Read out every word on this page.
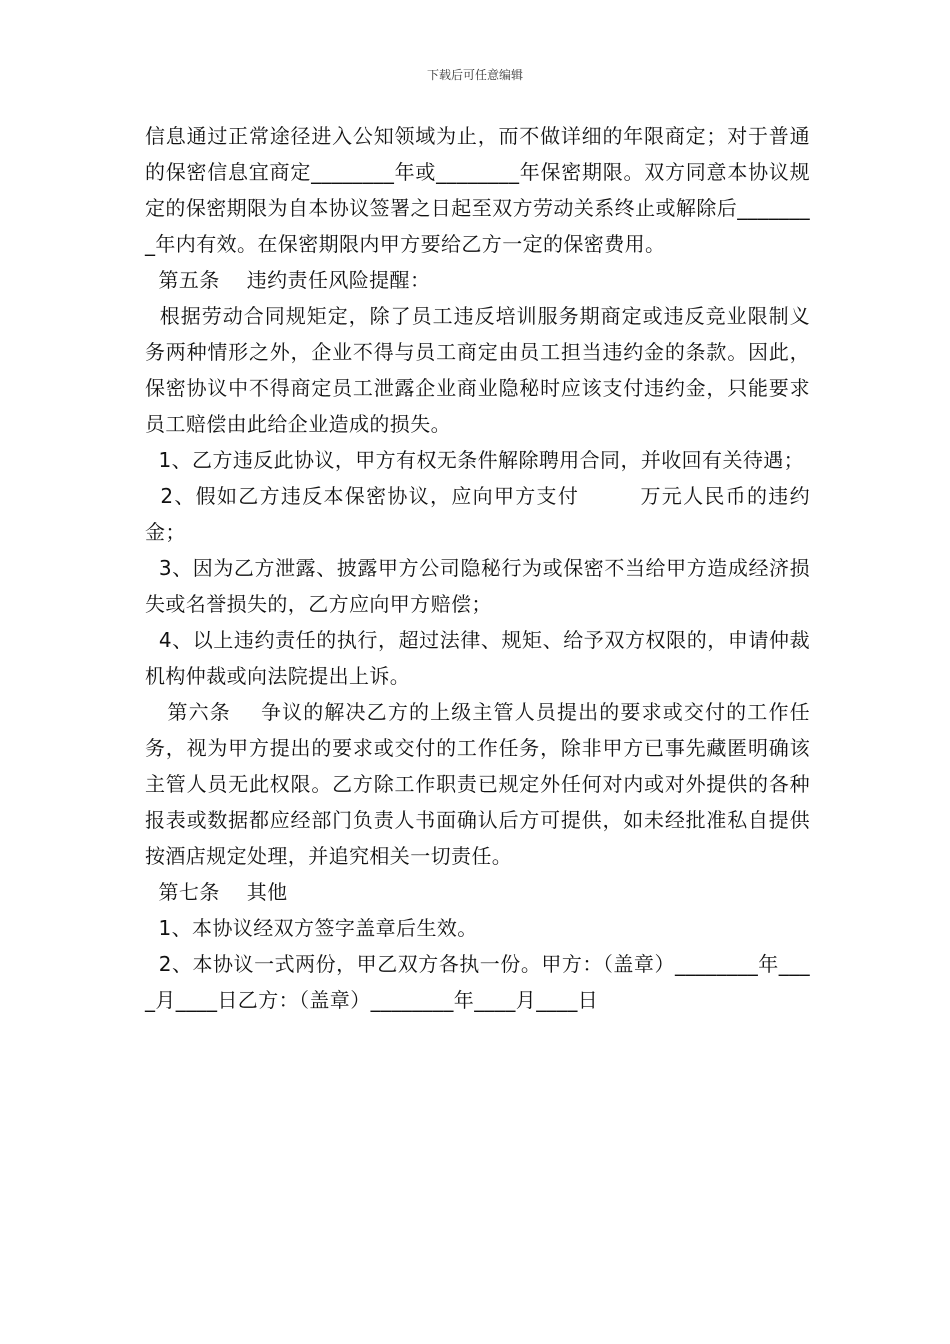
下载后可任意编辑

信息通过正常途径进入公知领域为止，而不做详细的年限商定；对于普通的保密信息宜商定________年或________年保密期限。双方同意本协议规定的保密期限为自本协议签署之日起至双方劳动关系终止或解除后________年内有效。在保密期限内甲方要给乙方一定的保密费用。

第五条    违约责任风险提醒：

根据劳动合同规矩定，除了员工违反培训服务期商定或违反竞业限制义务两种情形之外，企业不得与员工商定由员工担当违约金的条款。因此，保密协议中不得商定员工泄露企业商业隐秘时应该支付违约金，只能要求员工赔偿由此给企业造成的损失。

1、乙方违反此协议，甲方有权无条件解除聘用合同，并收回有关待遇；

2、假如乙方违反本保密协议，应向甲方支付        万元人民币的违约金；

3、因为乙方泄露、披露甲方公司隐秘行为或保密不当给甲方造成经济损失或名誉损失的，乙方应向甲方赔偿；

4、以上违约责任的执行，超过法律、规矩、给予双方权限的，申请仲裁机构仲裁或向法院提出上诉。

第六条    争议的解决乙方的上级主管人员提出的要求或交付的工作任务，视为甲方提出的要求或交付的工作任务，除非甲方已事先藏匿明确该主管人员无此权限。乙方除工作职责已规定外任何对内或对外提供的各种报表或数据都应经部门负责人书面确认后方可提供，如未经批准私自提供按酒店规定处理，并追究相关一切责任。

第七条    其他

1、本协议经双方签字盖章后生效。

2、本协议一式两份，甲乙双方各执一份。甲方：（盖章）________年____月____日乙方：（盖章）________年____月____日
